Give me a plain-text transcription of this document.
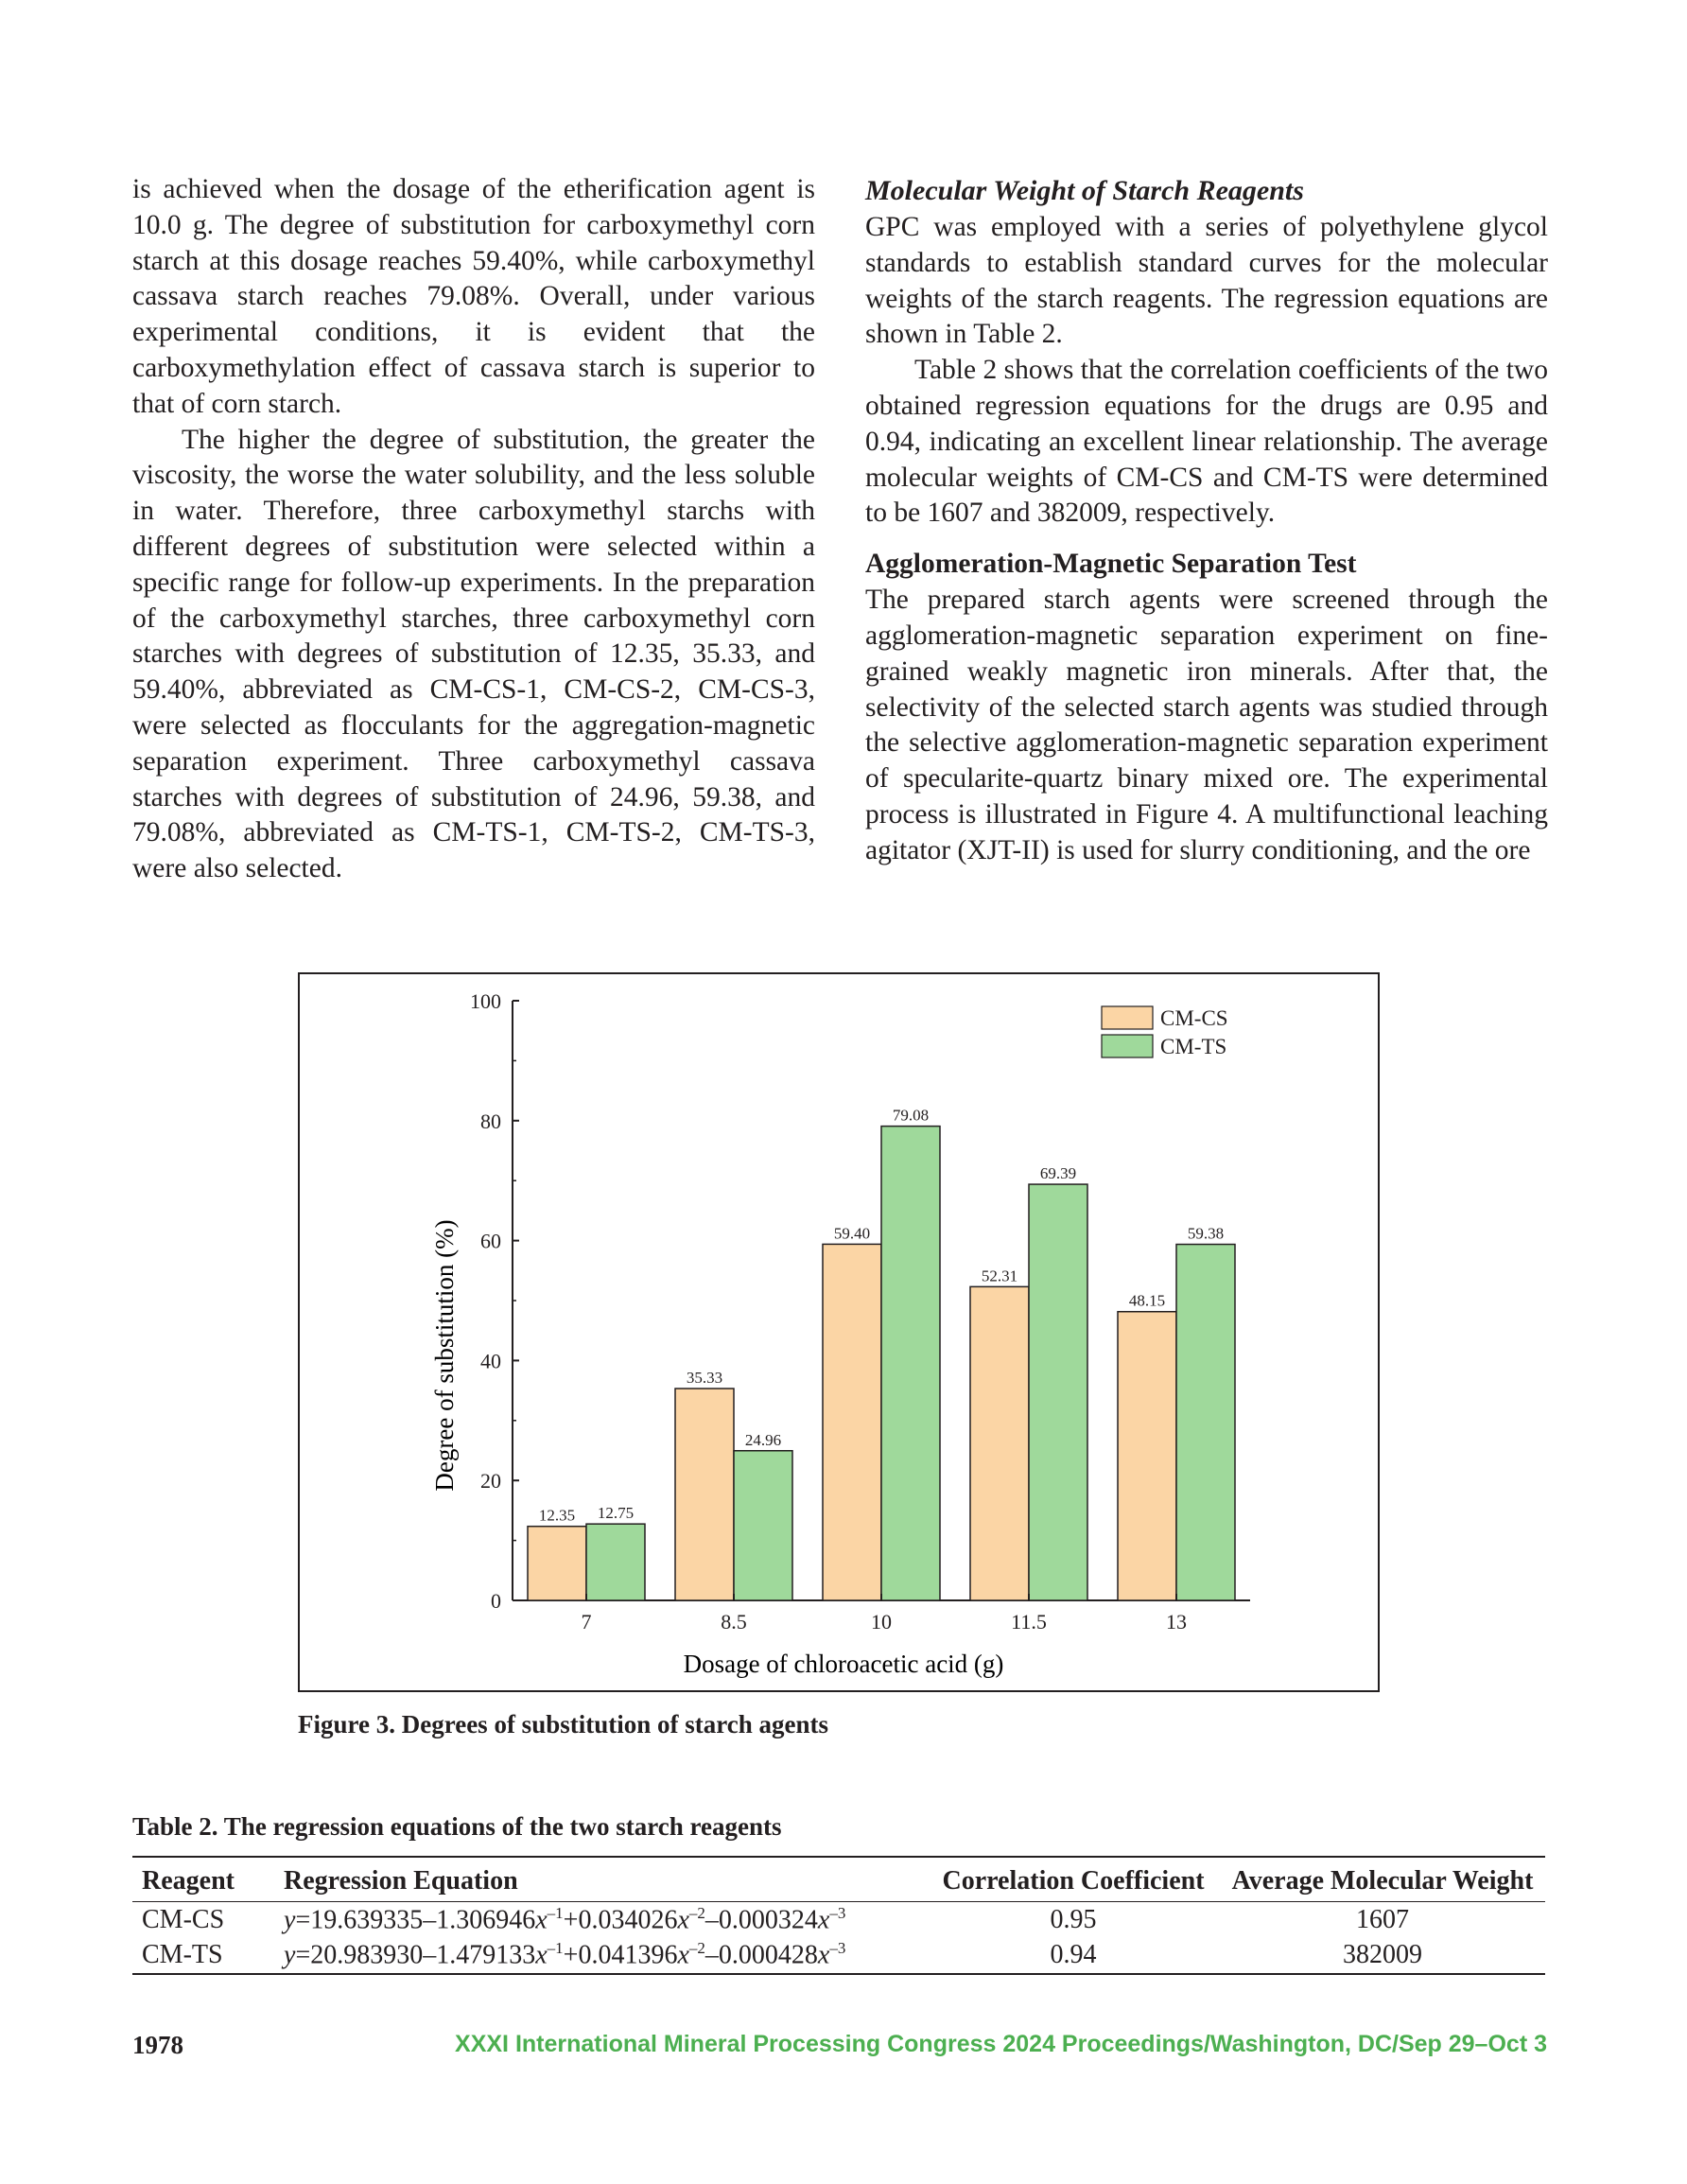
is achieved when the dosage of the etherification agent is 10.0 g. The degree of substitution for carboxymethyl corn starch at this dosage reaches 59.40%, while carboxymethyl cassava starch reaches 79.08%. Overall, under various experimental conditions, it is evident that the carboxymethylation effect of cassava starch is superior to that of corn starch.

The higher the degree of substitution, the greater the viscosity, the worse the water solubility, and the less soluble in water. Therefore, three carboxymethyl starchs with different degrees of substitution were selected within a specific range for follow-up experiments. In the preparation of the carboxymethyl starches, three carboxymethyl corn starches with degrees of substitution of 12.35, 35.33, and 59.40%, abbreviated as CM-CS-1, CM-CS-2, CM-CS-3, were selected as flocculants for the aggregation-magnetic separation experiment. Three carboxymethyl cassava starches with degrees of substitution of 24.96, 59.38, and 79.08%, abbreviated as CM-TS-1, CM-TS-2, CM-TS-3, were also selected.

Molecular Weight of Starch Reagents

GPC was employed with a series of polyethylene glycol standards to establish standard curves for the molecular weights of the starch reagents. The regression equations are shown in Table 2.

Table 2 shows that the correlation coefficients of the two obtained regression equations for the drugs are 0.95 and 0.94, indicating an excellent linear relationship. The average molecular weights of CM-CS and CM-TS were determined to be 1607 and 382009, respectively.

Agglomeration-Magnetic Separation Test

The prepared starch agents were screened through the agglomeration-magnetic separation experiment on fine-grained weakly magnetic iron minerals. After that, the selectivity of the selected starch agents was studied through the selective agglomeration-magnetic separation experiment of specularite-quartz binary mixed ore. The experimental process is illustrated in Figure 4. A multifunctional leaching agitator (XJT-II) is used for slurry conditioning, and the ore

12.35 12.75
35.33
24.96
59.40
79.08
52.31
69.39
48.15
59.38
0
20
40
60
80
100
7	8.5	10	11.5	13
Dosage of chloroacetic acid (g)
Degree of substitution (%)
CM-CS
CM-TS
Figure 3. Degrees of substitution of starch agents
Table 2. The regression equations of the two starch reagents
Reagent	Regression Equation	Correlation Coefficient	Average Molecular Weight
CM-CS	$y=19.639335-1.306946x^{-1}+0.034026x^{-2}-0.000324x^{-3}$	0.95	1607
CM-TS	$y=20.983930-1.479133x^{-1}+0.041396x^{-2}-0.000428x^{-3}$	0.94	382009
1978	XXXI International Mineral Processing Congress 2024 Proceedings/Washington, DC/Sep 29–Oct 3
